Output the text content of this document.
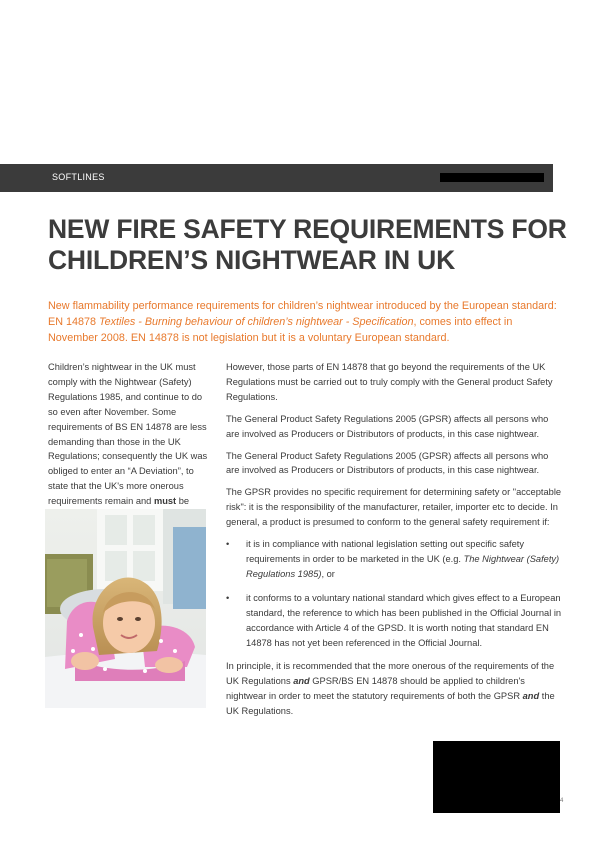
SOFTLINES
NEW FIRE SAFETY REQUIREMENTS FOR
CHILDREN’S NIGHTWEAR IN UK

New flammability performance requirements for children’s nightwear introduced by the European standard: EN 14878 Textiles - Burning behaviour of children’s nightwear - Specification, comes into effect in November 2008. EN 14878 is not legislation but it is a voluntary European standard.

Children’s nightwear in the UK must comply with the Nightwear (Safety) Regulations 1985, and continue to do so even after November. Some requirements of BS EN 14878 are less demanding than those in the UK Regulations; consequently the UK was obliged to enter an “A Deviation”, to state that the UK's more onerous requirements remain and must be

However, those parts of EN 14878 that go beyond the requirements of the UK Regulations must be carried out to truly comply with the General product Safety Regulations.

The General Product Safety Regulations 2005 (GPSR) affects all persons who are involved as Producers or Distributors of products, in this case nightwear.

The General Product Safety Regulations 2005 (GPSR) affects all persons who are involved as Producers or Distributors of products, in this case nightwear.

The GPSR provides no specific requirement for determining safety or "acceptable risk": it is the responsibility of the manufacturer, retailer, importer etc to decide. In general, a product is presumed to conform to the general safety requirement if:

• it is in compliance with national legislation setting out specific safety requirements in order to be marketed in the UK (e.g. The Nightwear (Safety) Regulations 1985), or
• it conforms to a voluntary national standard which gives effect to a European standard, the reference to which has been published in the Official Journal in accordance with Article 4 of the GPSD. It is worth noting that standard EN 14878 has not yet been referenced in the Official Journal.

In principle, it is recommended that the more onerous of the requirements of the UK Regulations and GPSR/BS EN 14878 should be applied to children's nightwear in order to meet the statutory requirements of both the GPSR and the UK Regulations.

4
